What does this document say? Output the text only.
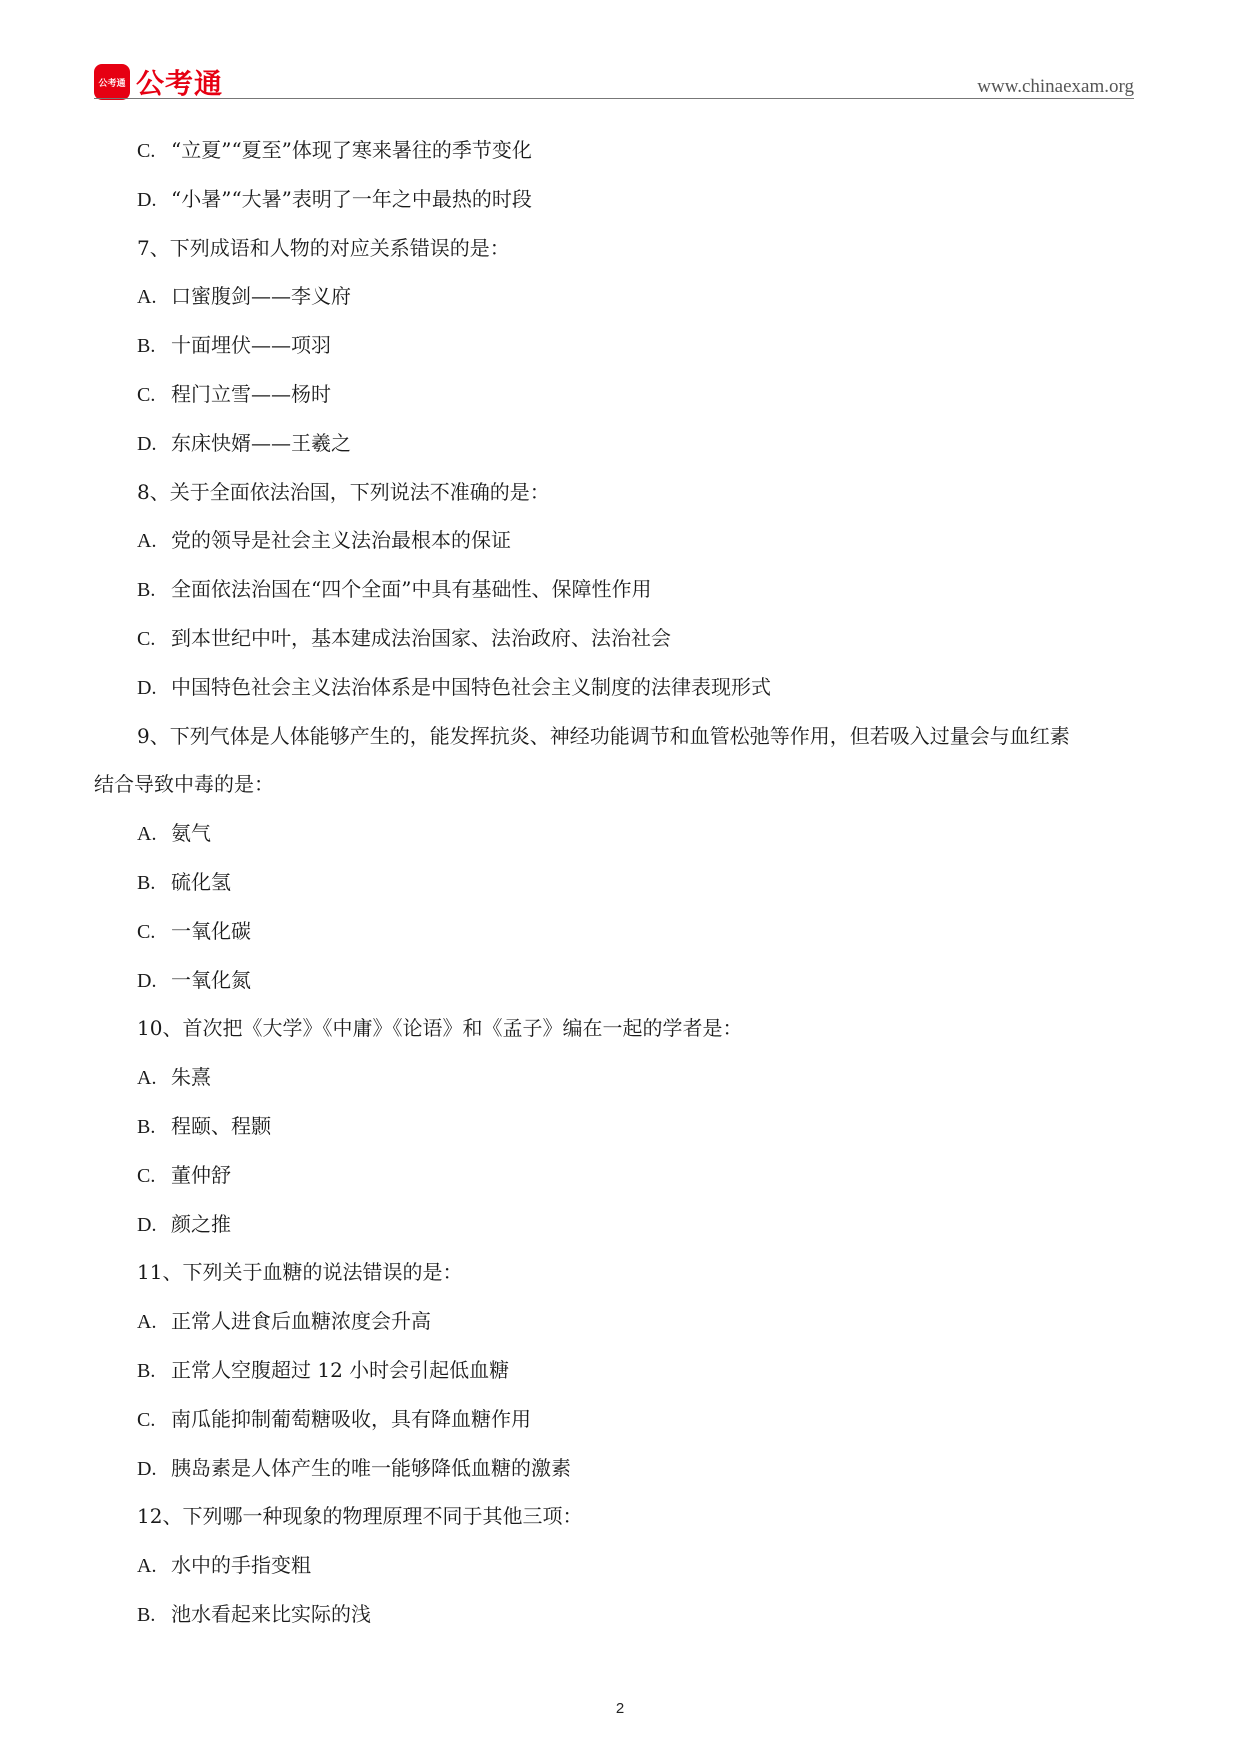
公考通 公考通	www.chinaexam.org
C. “立夏”“夏至”体现了寒来暑往的季节变化
D. “小暑”“大暑”表明了一年之中最热的时段
7、下列成语和人物的对应关系错误的是：
A. 口蜜腹剑——李义府
B. 十面埋伏——项羽
C. 程门立雪——杨时
D. 东床快婿——王羲之
8、关于全面依法治国，下列说法不准确的是：
A. 党的领导是社会主义法治最根本的保证
B. 全面依法治国在“四个全面”中具有基础性、保障性作用
C. 到本世纪中叶，基本建成法治国家、法治政府、法治社会
D. 中国特色社会主义法治体系是中国特色社会主义制度的法律表现形式
9、下列气体是人体能够产生的，能发挥抗炎、神经功能调节和血管松弛等作用，但若吸入过量会与血红素
结合导致中毒的是：
A. 氨气
B. 硫化氢
C. 一氧化碳
D. 一氧化氮
10、首次把《大学》《中庸》《论语》和《孟子》编在一起的学者是：
A. 朱熹
B. 程颐、程颢
C. 董仲舒
D. 颜之推
11、下列关于血糖的说法错误的是：
A. 正常人进食后血糖浓度会升高
B. 正常人空腹超过 12 小时会引起低血糖
C. 南瓜能抑制葡萄糖吸收，具有降血糖作用
D. 胰岛素是人体产生的唯一能够降低血糖的激素
12、下列哪一种现象的物理原理不同于其他三项：
A. 水中的手指变粗
B. 池水看起来比实际的浅
2
